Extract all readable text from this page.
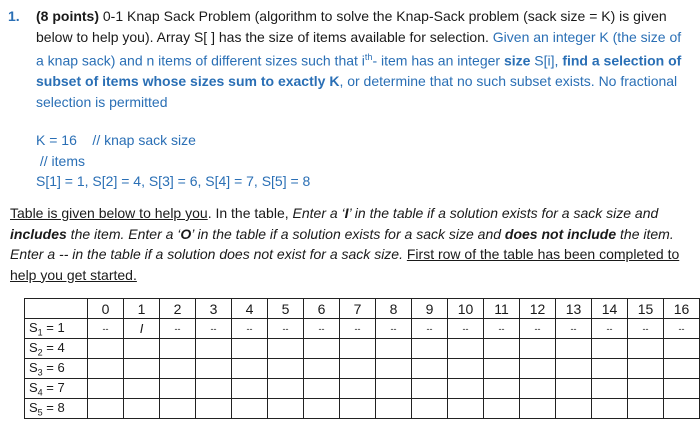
1. (8 points) 0-1 Knap Sack Problem (algorithm to solve the Knap-Sack problem (sack size = K) is given below to help you). Array S[ ] has the size of items available for selection. Given an integer K (the size of a knap sack) and n items of different sizes such that $i^{th}-$ item has an integer size S[i], find a selection of subset of items whose sizes sum to exactly K, or determine that no such subset exists. No fractional selection is permitted
K = 16    // knap sack size
// items
S[1] = 1, S[2] = 4, S[3] = 6, S[4] = 7, S[5] = 8
Table is given below to help you. In the table, Enter a ‘I’ in the table if a solution exists for a sack size and includes the item. Enter a ‘O’ in the table if a solution exists for a sack size and does not include the item. Enter a -- in the table if a solution does not exist for a sack size. First row of the table has been completed to help you get started.
	0	1	2	3	4	5	6	7	8	9	10	11	12	13	14	15	16
$S_1 = 1$	--	I	--	--	--	--	--	--	--	--	--	--	--	--	--	--	--
$S_2 = 4$																	
$S_3 = 6$																	
$S_4 = 7$																	
$S_5 = 8$																	
